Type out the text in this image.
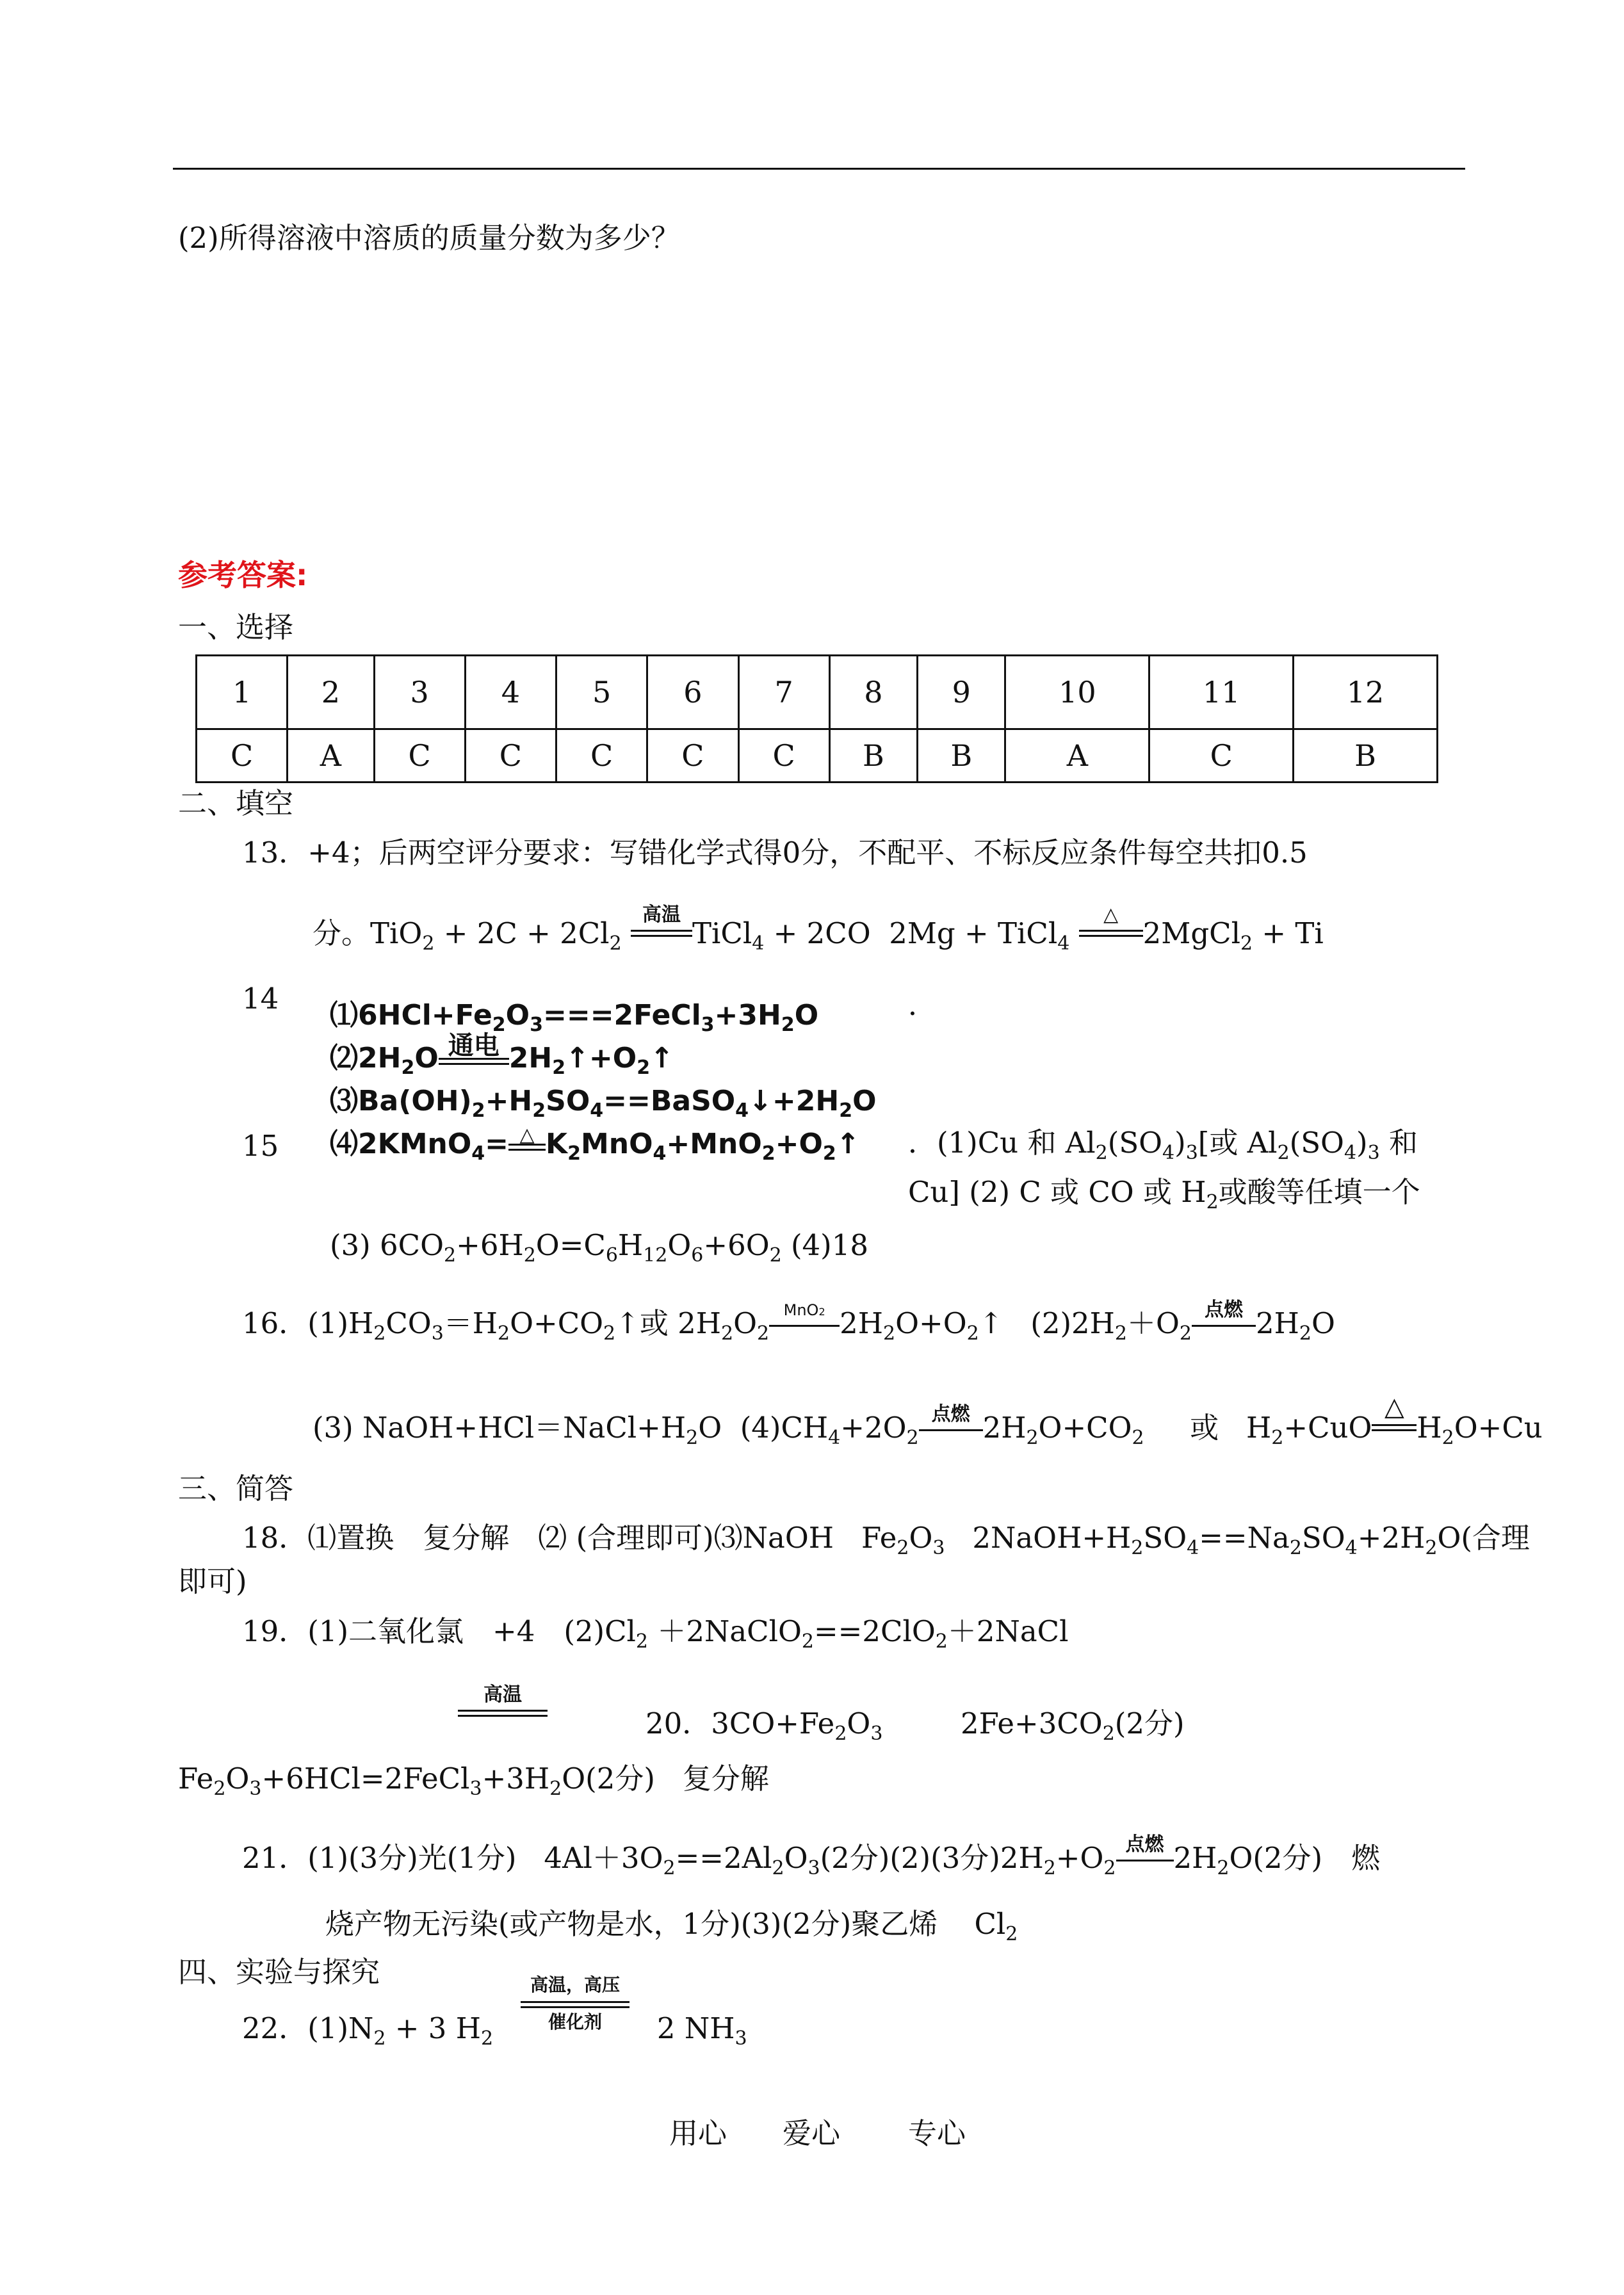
(2)所得溶液中溶质的质量分数为多少？
参考答案:
一、选择
1	2	3	4	5	6	7	8	9	10	11	12
C	A	C	C	C	C	C	B	B	A	C	B
二、填空
13．+4；后两空评分要求：写错化学式得0分，不配平、不标反应条件每空共扣0.5
分。$TiO_2 + 2C + 2Cl_2$
高温
TiCl$_4$ + 2CO  2Mg + TiCl$_4$
△
2MgCl$_2$ + Ti
14	．
$⑴6HCl+Fe_2O_3===2FeCl_3+3H_2O$
$⑵2H_2O$ 通电 $2H_2↑+O_2↑$
$⑶Ba(OH)_2+H_2SO_4==BaSO_4↓+2H_2O$
⑷2KMnO$_4$= △ $K_2MnO_4+MnO_2+O_2↑$
15	．(1)Cu 和 $Al_2(SO_4)_3$[或 $Al_2(SO_4)_3$ 和
Cu] (2) C 或 CO 或 $H_2$或酸等任填一个
(3) $6CO_2+6H_2O=C_6H_{12}O_6+6O_2$ (4)18
16．$(1)H_2CO_3=H_2O+CO_2↑$或 $2H_2O_2$
MnO2 $2H_2O+O_2↑$   $(2)2H_2+O_2$
点燃 $2H_2O$
(3) $NaOH+HCl=NaCl+H_2O$  $(4)CH_4+2O_2$
点燃 $2H_2O+CO_2$ 或   $H_2+CuO$
△
$H_2O+Cu$
三、简答
18．⑴置换　复分解　⑵ (合理即可)⑶NaOH   $Fe_2O_3$   $2NaOH+H_2SO_4==Na_2SO_4+2H_2O$(合理
即可)
19．(1)二氧化氯　+4　$(2)Cl_2$ ＋2NaClO$_2$==2ClO$_2$＋2NaCl
高温
20．$3CO+Fe_2O_3$	$2Fe+3CO_2(2$分)
$Fe_2O_3+6HCl=2FeCl_3+3H_2O(2$分) 复分解
21．(1)(3分)光(1分)   $4Al+3O_2==2Al_2O_3(2$分)(2)(3分)$2H_2+O_2$
点燃 $2H_2O(2$分)　燃
烧产物无污染(或产物是水，1分)(3)(2分)聚乙烯    $Cl_2$
四、实验与探究
22．$(1)N_2 + 3$ $H_2$
高温，高压
催化剂 2 $NH_3$
用心 爱心 专心
